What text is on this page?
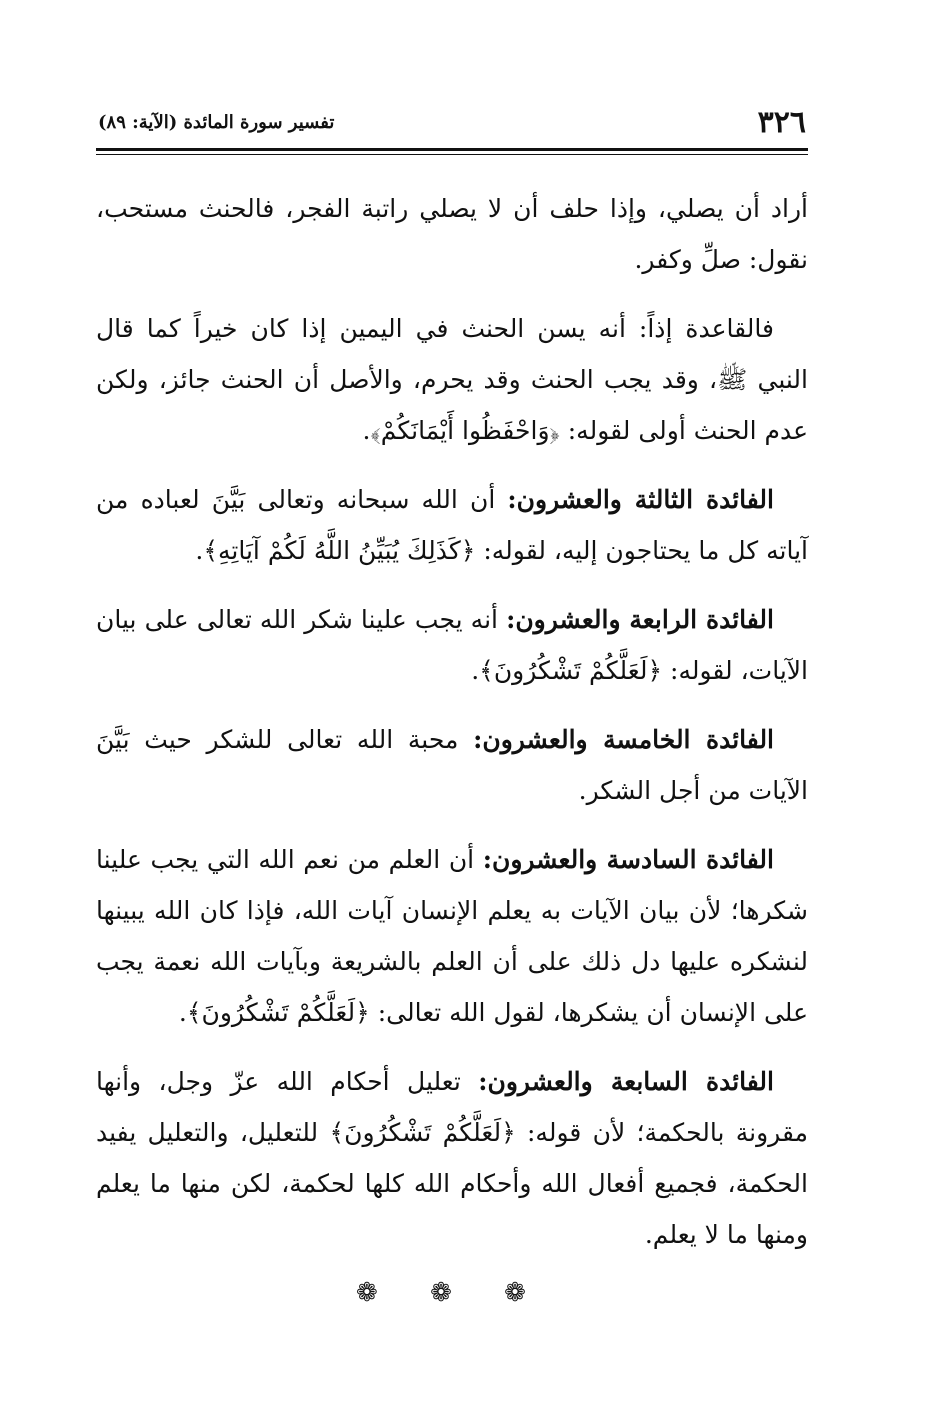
٣٢٦
تفسير سورة المائدة (الآية: ٨٩)

أراد أن يصلي، وإذا حلف أن لا يصلي راتبة الفجر، فالحنث مستحب، نقول: صلِّ وكفر.

فالقاعدة إذاً: أنه يسن الحنث في اليمين إذا كان خيراً كما قال النبي ﷺ، وقد يجب الحنث وقد يحرم، والأصل أن الحنث جائز، ولكن عدم الحنث أولى لقوله: ﴿وَاحْفَظُوا أَيْمَانَكُمْ﴾.

الفائدة الثالثة والعشرون: أن الله سبحانه وتعالى بَيَّنَ لعباده من آياته كل ما يحتاجون إليه، لقوله: ﴿كَذَلِكَ يُبَيِّنُ اللَّهُ لَكُمْ آيَاتِهِ﴾.

الفائدة الرابعة والعشرون: أنه يجب علينا شكر الله تعالى على بيان الآيات، لقوله: ﴿لَعَلَّكُمْ تَشْكُرُونَ﴾.

الفائدة الخامسة والعشرون: محبة الله تعالى للشكر حيث بَيَّنَ الآيات من أجل الشكر.

الفائدة السادسة والعشرون: أن العلم من نعم الله التي يجب علينا شكرها؛ لأن بيان الآيات به يعلم الإنسان آيات الله، فإذا كان الله يبينها لنشكره عليها دل ذلك على أن العلم بالشريعة وبآيات الله نعمة يجب على الإنسان أن يشكرها، لقول الله تعالى: ﴿لَعَلَّكُمْ تَشْكُرُونَ﴾.

الفائدة السابعة والعشرون: تعليل أحكام الله عزّ وجل، وأنها مقرونة بالحكمة؛ لأن قوله: ﴿لَعَلَّكُمْ تَشْكُرُونَ﴾ للتعليل، والتعليل يفيد الحكمة، فجميع أفعال الله وأحكام الله كلها لحكمة، لكن منها ما يعلم ومنها ما لا يعلم.

❁ ❁ ❁
